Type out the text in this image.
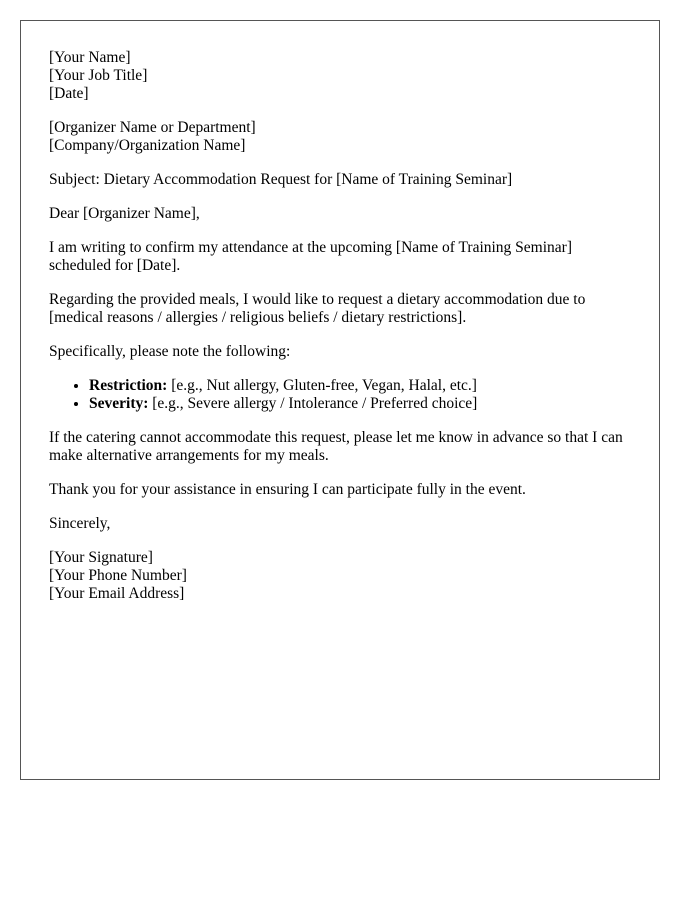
[Your Name]

[Your Job Title]

[Date]

[Organizer Name or Department]

[Company/Organization Name]

Subject: Dietary Accommodation Request for [Name of Training Seminar]

Dear [Organizer Name],

I am writing to confirm my attendance at the upcoming [Name of Training Seminar] scheduled for [Date].

Regarding the provided meals, I would like to request a dietary accommodation due to [medical reasons / allergies / religious beliefs / dietary restrictions].

Specifically, please note the following:

• Restriction: [e.g., Nut allergy, Gluten-free, Vegan, Halal, etc.]
• Severity: [e.g., Severe allergy / Intolerance / Preferred choice]

If the catering cannot accommodate this request, please let me know in advance so that I can make alternative arrangements for my meals.

Thank you for your assistance in ensuring I can participate fully in the event.

Sincerely,

[Your Signature]

[Your Phone Number]

[Your Email Address]
